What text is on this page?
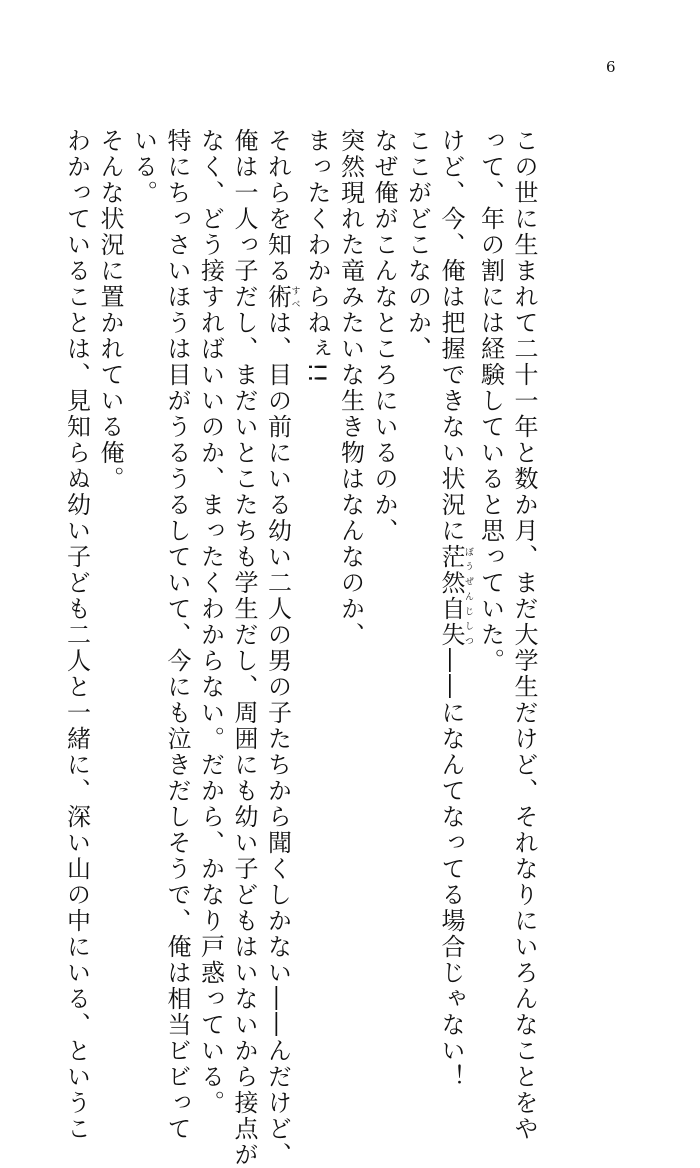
6
この世に生まれて二十一年と数か月、まだ大学生だけど、それなりにいろんなことをや
って、年の割には経験していると思っていた。
けど、今、俺は把握できない状況に茫然自失ぼうぜんじしつ――になんてなってる場合じゃない！
ここがどこなのか、
なぜ俺がこんなところにいるのか、
突然現れた竜みたいな生き物はなんなのか、
まったくわからねぇ!!
それらを知る術すべは、目の前にいる幼い二人の男の子たちから聞くしかない――んだけど、
俺は一人っ子だし、まだいとこたちも学生だし、周囲にも幼い子どもはいないから接点が
なく、どう接すればいいのか、まったくわからない。だから、かなり戸惑っている。
特にちっさいほうは目がうるうるしていて、今にも泣きだしそうで、俺は相当ビビって
いる。
そんな状況に置かれている俺。
わかっていることは、見知らぬ幼い子ども二人と一緒に、深い山の中にいる、というこ
